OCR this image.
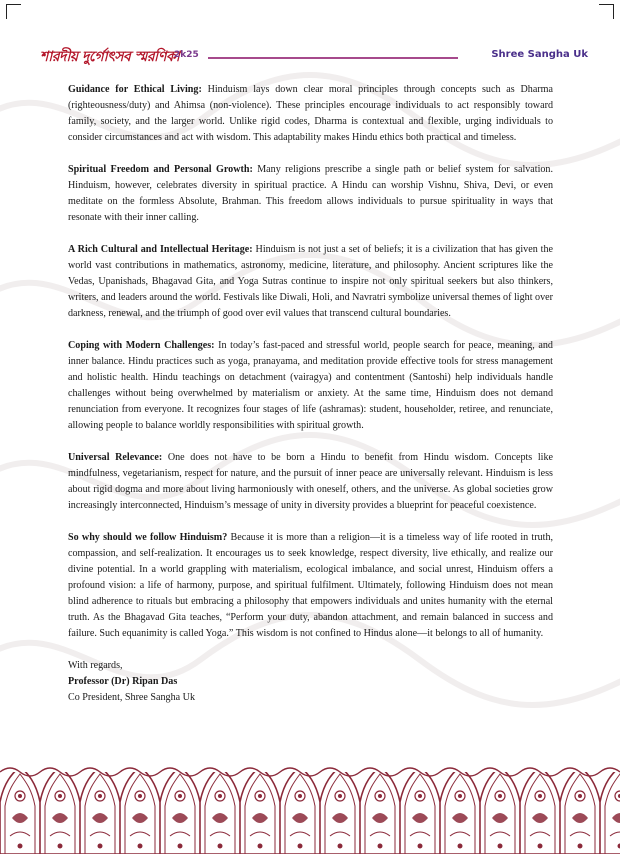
শারদীয় দুর্গোৎসব স্মরণিকা
2k25	Shree Sangha Uk

Guidance for Ethical Living: Hinduism lays down clear moral principles through concepts such as Dharma (righteousness/duty) and Ahimsa (non-violence). These principles encourage individuals to act responsibly toward family, society, and the larger world. Unlike rigid codes, Dharma is contextual and flexible, urging individuals to consider circumstances and act with wisdom. This adaptability makes Hindu ethics both practical and timeless.

Spiritual Freedom and Personal Growth: Many religions prescribe a single path or belief system for salvation. Hinduism, however, celebrates diversity in spiritual practice. A Hindu can worship Vishnu, Shiva, Devi, or even meditate on the formless Absolute, Brahman. This freedom allows individuals to pursue spirituality in ways that resonate with their inner calling.

A Rich Cultural and Intellectual Heritage: Hinduism is not just a set of beliefs; it is a civilization that has given the world vast contributions in mathematics, astronomy, medicine, literature, and philosophy. Ancient scriptures like the Vedas, Upanishads, Bhagavad Gita, and Yoga Sutras continue to inspire not only spiritual seekers but also thinkers, writers, and leaders around the world. Festivals like Diwali, Holi, and Navratri symbolize universal themes of light over darkness, renewal, and the triumph of good over evil values that transcend cultural boundaries.

Coping with Modern Challenges: In today’s fast-paced and stressful world, people search for peace, meaning, and inner balance. Hindu practices such as yoga, pranayama, and meditation provide effective tools for stress management and holistic health. Hindu teachings on detachment (vairagya) and contentment (Santoshi) help individuals handle challenges without being overwhelmed by materialism or anxiety. At the same time, Hinduism does not demand renunciation from everyone. It recognizes four stages of life (ashramas): student, householder, retiree, and renunciate, allowing people to balance worldly responsibilities with spiritual growth.

Universal Relevance: One does not have to be born a Hindu to benefit from Hindu wisdom. Concepts like mindfulness, vegetarianism, respect for nature, and the pursuit of inner peace are universally relevant. Hinduism is less about rigid dogma and more about living harmoniously with oneself, others, and the universe. As global societies grow increasingly interconnected, Hinduism’s message of unity in diversity provides a blueprint for peaceful coexistence.

So why should we follow Hinduism? Because it is more than a religion—it is a timeless way of life rooted in truth, compassion, and self-realization. It encourages us to seek knowledge, respect diversity, live ethically, and realize our divine potential. In a world grappling with materialism, ecological imbalance, and social unrest, Hinduism offers a profound vision: a life of harmony, purpose, and spiritual fulfilment. Ultimately, following Hinduism does not mean blind adherence to rituals but embracing a philosophy that empowers individuals and unites humanity with the eternal truth. As the Bhagavad Gita teaches, “Perform your duty, abandon attachment, and remain balanced in success and failure. Such equanimity is called Yoga.” This wisdom is not confined to Hindus alone—it belongs to all of humanity.

With regards,

Professor (Dr) Ripan Das

Co President, Shree Sangha Uk
